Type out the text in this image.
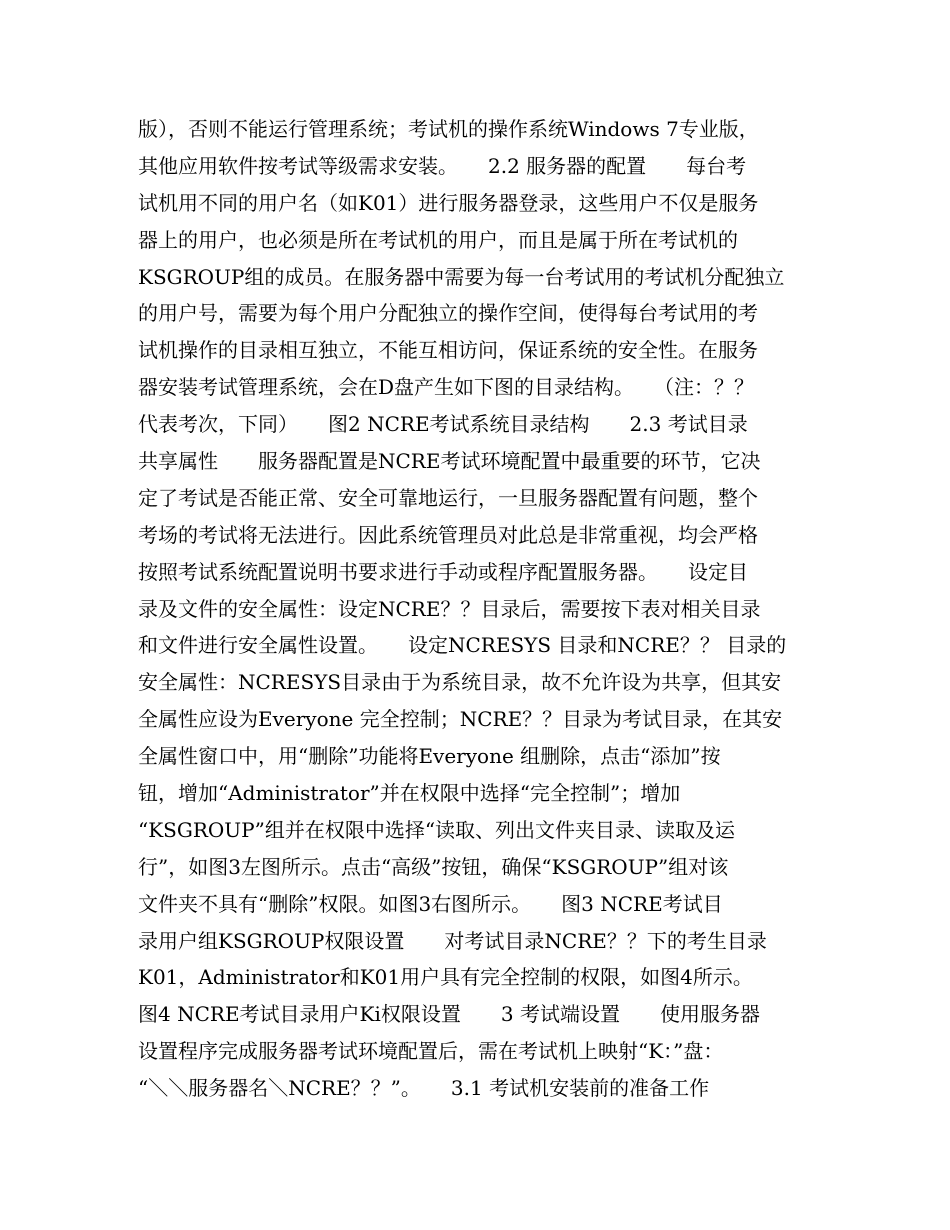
版），否则不能运行管理系统；考试机的操作系统Windows 7专业版，
其他应用软件按考试等级需求安装。　　2.2 服务器的配置　　每台考
试机用不同的用户名（如K01）进行服务器登录，这些用户不仅是服务
器上的用户，也必须是所在考试机的用户，而且是属于所在考试机的
KSGROUP组的成员。在服务器中需要为每一台考试用的考试机分配独立
的用户号，需要为每个用户分配独立的操作空间，使得每台考试用的考
试机操作的目录相互独立，不能互相访问，保证系统的安全性。在服务
器安装考试管理系统，会在D盘产生如下图的目录结构。　　（注：？？
代表考次，下同）　　图2 NCRE考试系统目录结构　　2.3 考试目录
共享属性　　服务器配置是NCRE考试环境配置中最重要的环节，它决
定了考试是否能正常、安全可靠地运行，一旦服务器配置有问题，整个
考场的考试将无法进行。因此系统管理员对此总是非常重视，均会严格
按照考试系统配置说明书要求进行手动或程序配置服务器。　　设定目
录及文件的安全属性：设定NCRE？？目录后，需要按下表对相关目录
和文件进行安全属性设置。　　设定NCRESYS 目录和NCRE？？ 目录的
安全属性：NCRESYS目录由于为系统目录，故不允许设为共享，但其安
全属性应设为Everyone 完全控制；NCRE？？目录为考试目录，在其安
全属性窗口中，用“删除”功能将Everyone 组删除，点击“添加”按
钮，增加“Administrator”并在权限中选择“完全控制”；增加
“KSGROUP”组并在权限中选择“读取、列出文件夹目录、读取及运
行”，如图3左图所示。点击“高级”按钮，确保“KSGROUP”组对该
文件夹不具有“删除”权限。如图3右图所示。　　图3 NCRE考试目
录用户组KSGROUP权限设置　　对考试目录NCRE？？下的考生目录
K01，Administrator和K01用户具有完全控制的权限，如图4所示。
图4 NCRE考试目录用户Ki权限设置　　3 考试端设置　　使用服务器
设置程序完成服务器考试环境配置后，需在考试机上映射“K：”盘：
“＼＼服务器名＼NCRE？？”。　　3.1 考试机安装前的准备工作
